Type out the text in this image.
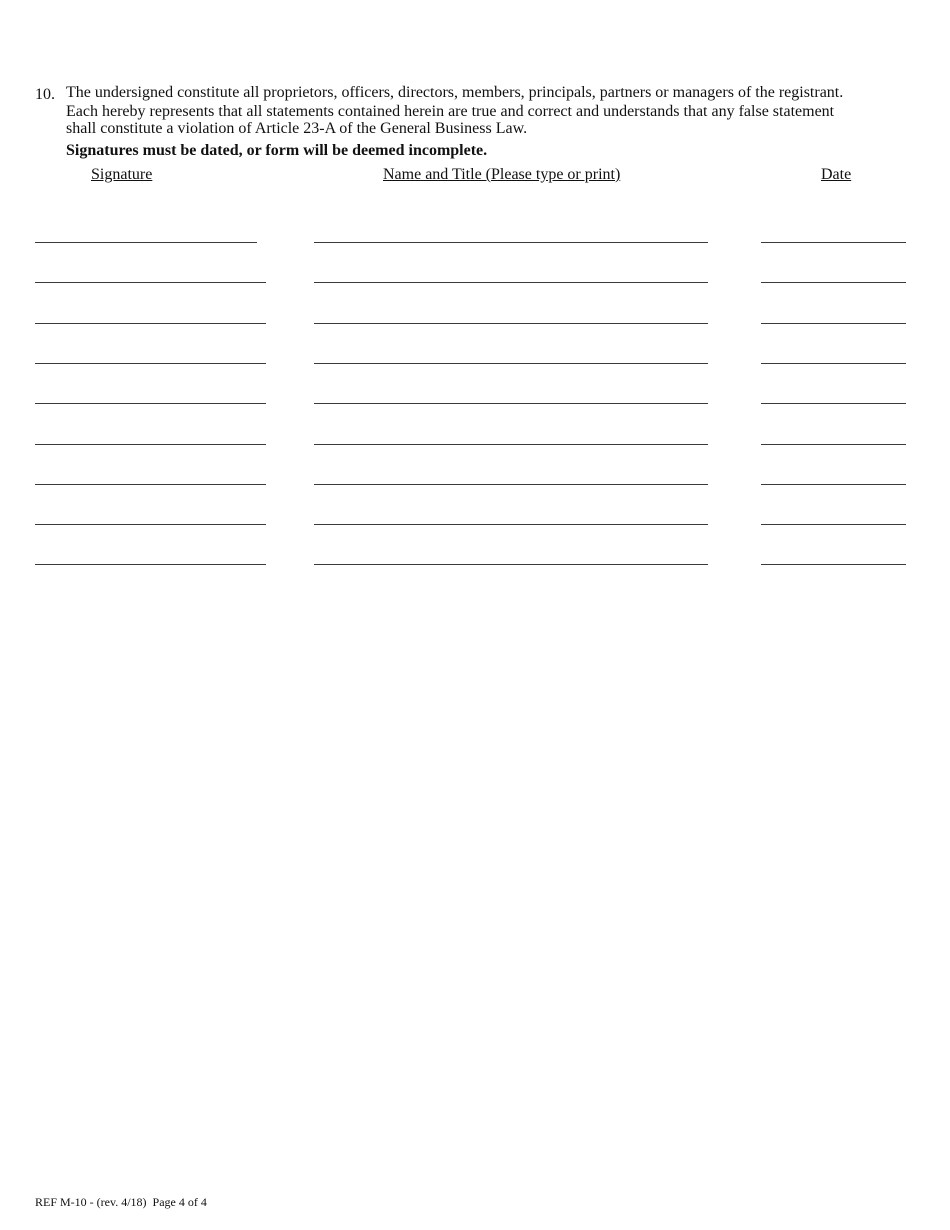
10. The undersigned constitute all proprietors, officers, directors, members, principals, partners or managers of the registrant.
Each hereby represents that all statements contained herein are true and correct and understands that any false statement
shall constitute a violation of Article 23-A of the General Business Law.
Signatures must be dated, or form will be deemed incomplete.
Signature	Name and Title (Please type or print)	Date
REF M-10 - (rev. 4/18)  Page 4 of 4
